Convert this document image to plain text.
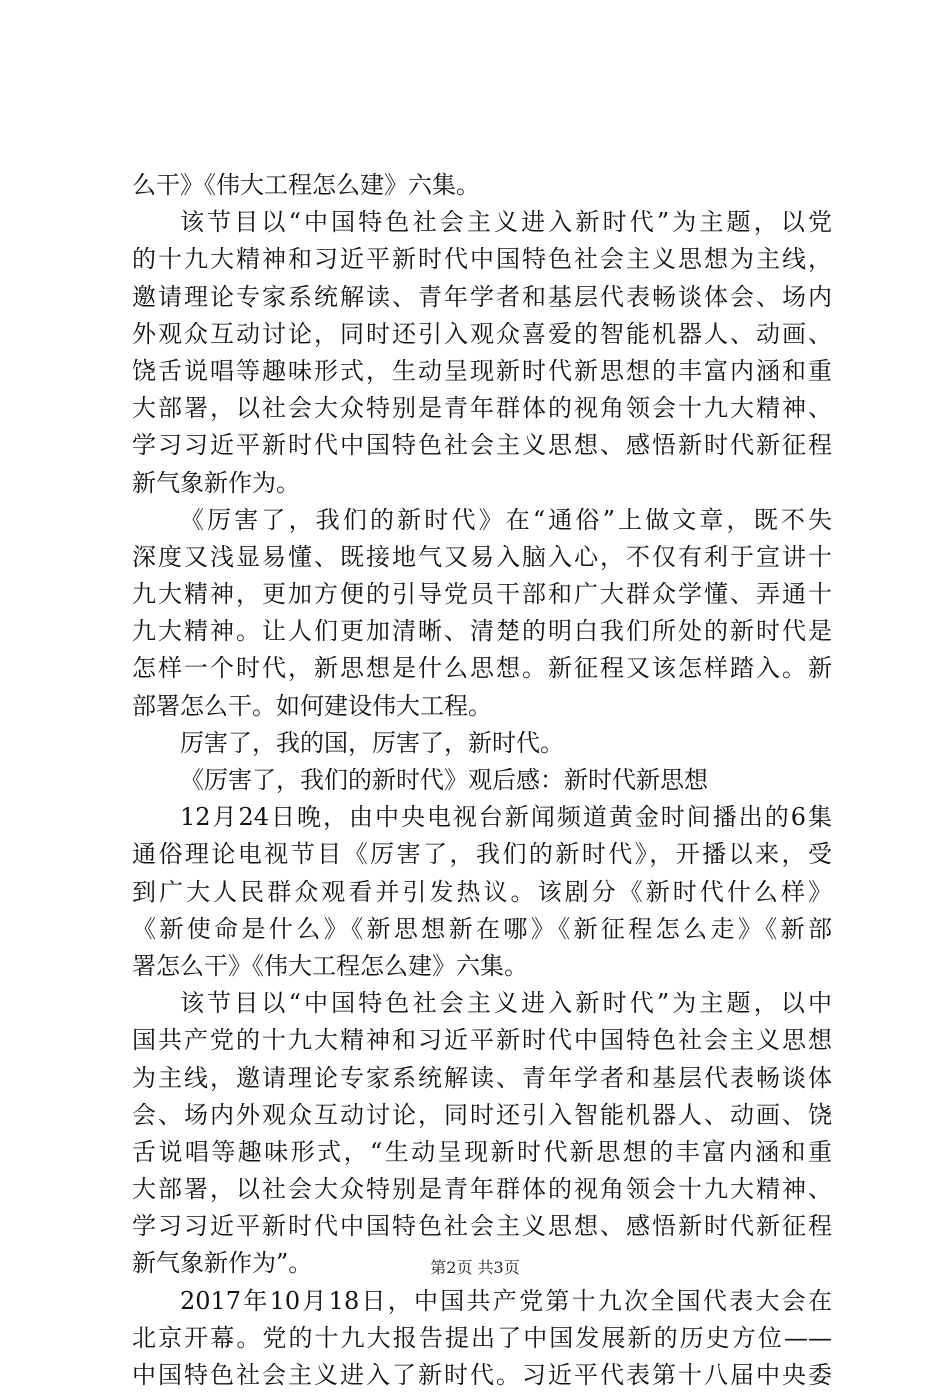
么干》《伟大工程怎么建》六集。
该节目以“中国特色社会主义进入新时代”为主题，以党
的十九大精神和习近平新时代中国特色社会主义思想为主线，
邀请理论专家系统解读、青年学者和基层代表畅谈体会、场内
外观众互动讨论，同时还引入观众喜爱的智能机器人、动画、
饶舌说唱等趣味形式，生动呈现新时代新思想的丰富内涵和重
大部署，以社会大众特别是青年群体的视角领会十九大精神、
学习习近平新时代中国特色社会主义思想、感悟新时代新征程
新气象新作为。
《厉害了，我们的新时代》在“通俗”上做文章，既不失
深度又浅显易懂、既接地气又易入脑入心，不仅有利于宣讲十
九大精神，更加方便的引导党员干部和广大群众学懂、弄通十
九大精神。让人们更加清晰、清楚的明白我们所处的新时代是
怎样一个时代，新思想是什么思想。新征程又该怎样踏入。新
部署怎么干。如何建设伟大工程。
厉害了，我的国，厉害了，新时代。
《厉害了，我们的新时代》观后感：新时代新思想
12月24日晚，由中央电视台新闻频道黄金时间播出的6集
通俗理论电视节目《厉害了，我们的新时代》，开播以来，受
到广大人民群众观看并引发热议。该剧分《新时代什么样》
《新使命是什么》《新思想新在哪》《新征程怎么走》《新部
署怎么干》《伟大工程怎么建》六集。
该节目以“中国特色社会主义进入新时代”为主题，以中
国共产党的十九大精神和习近平新时代中国特色社会主义思想
为主线，邀请理论专家系统解读、青年学者和基层代表畅谈体
会、场内外观众互动讨论，同时还引入智能机器人、动画、饶
舌说唱等趣味形式，“生动呈现新时代新思想的丰富内涵和重
大部署，以社会大众特别是青年群体的视角领会十九大精神、
学习习近平新时代中国特色社会主义思想、感悟新时代新征程
新气象新作为”。
2017年10月18日，中国共产党第十九次全国代表大会在
北京开幕。党的十九大报告提出了中国发展新的历史方位——
中国特色社会主义进入了新时代。习近平代表第十八届中央委
第2页 共3页
